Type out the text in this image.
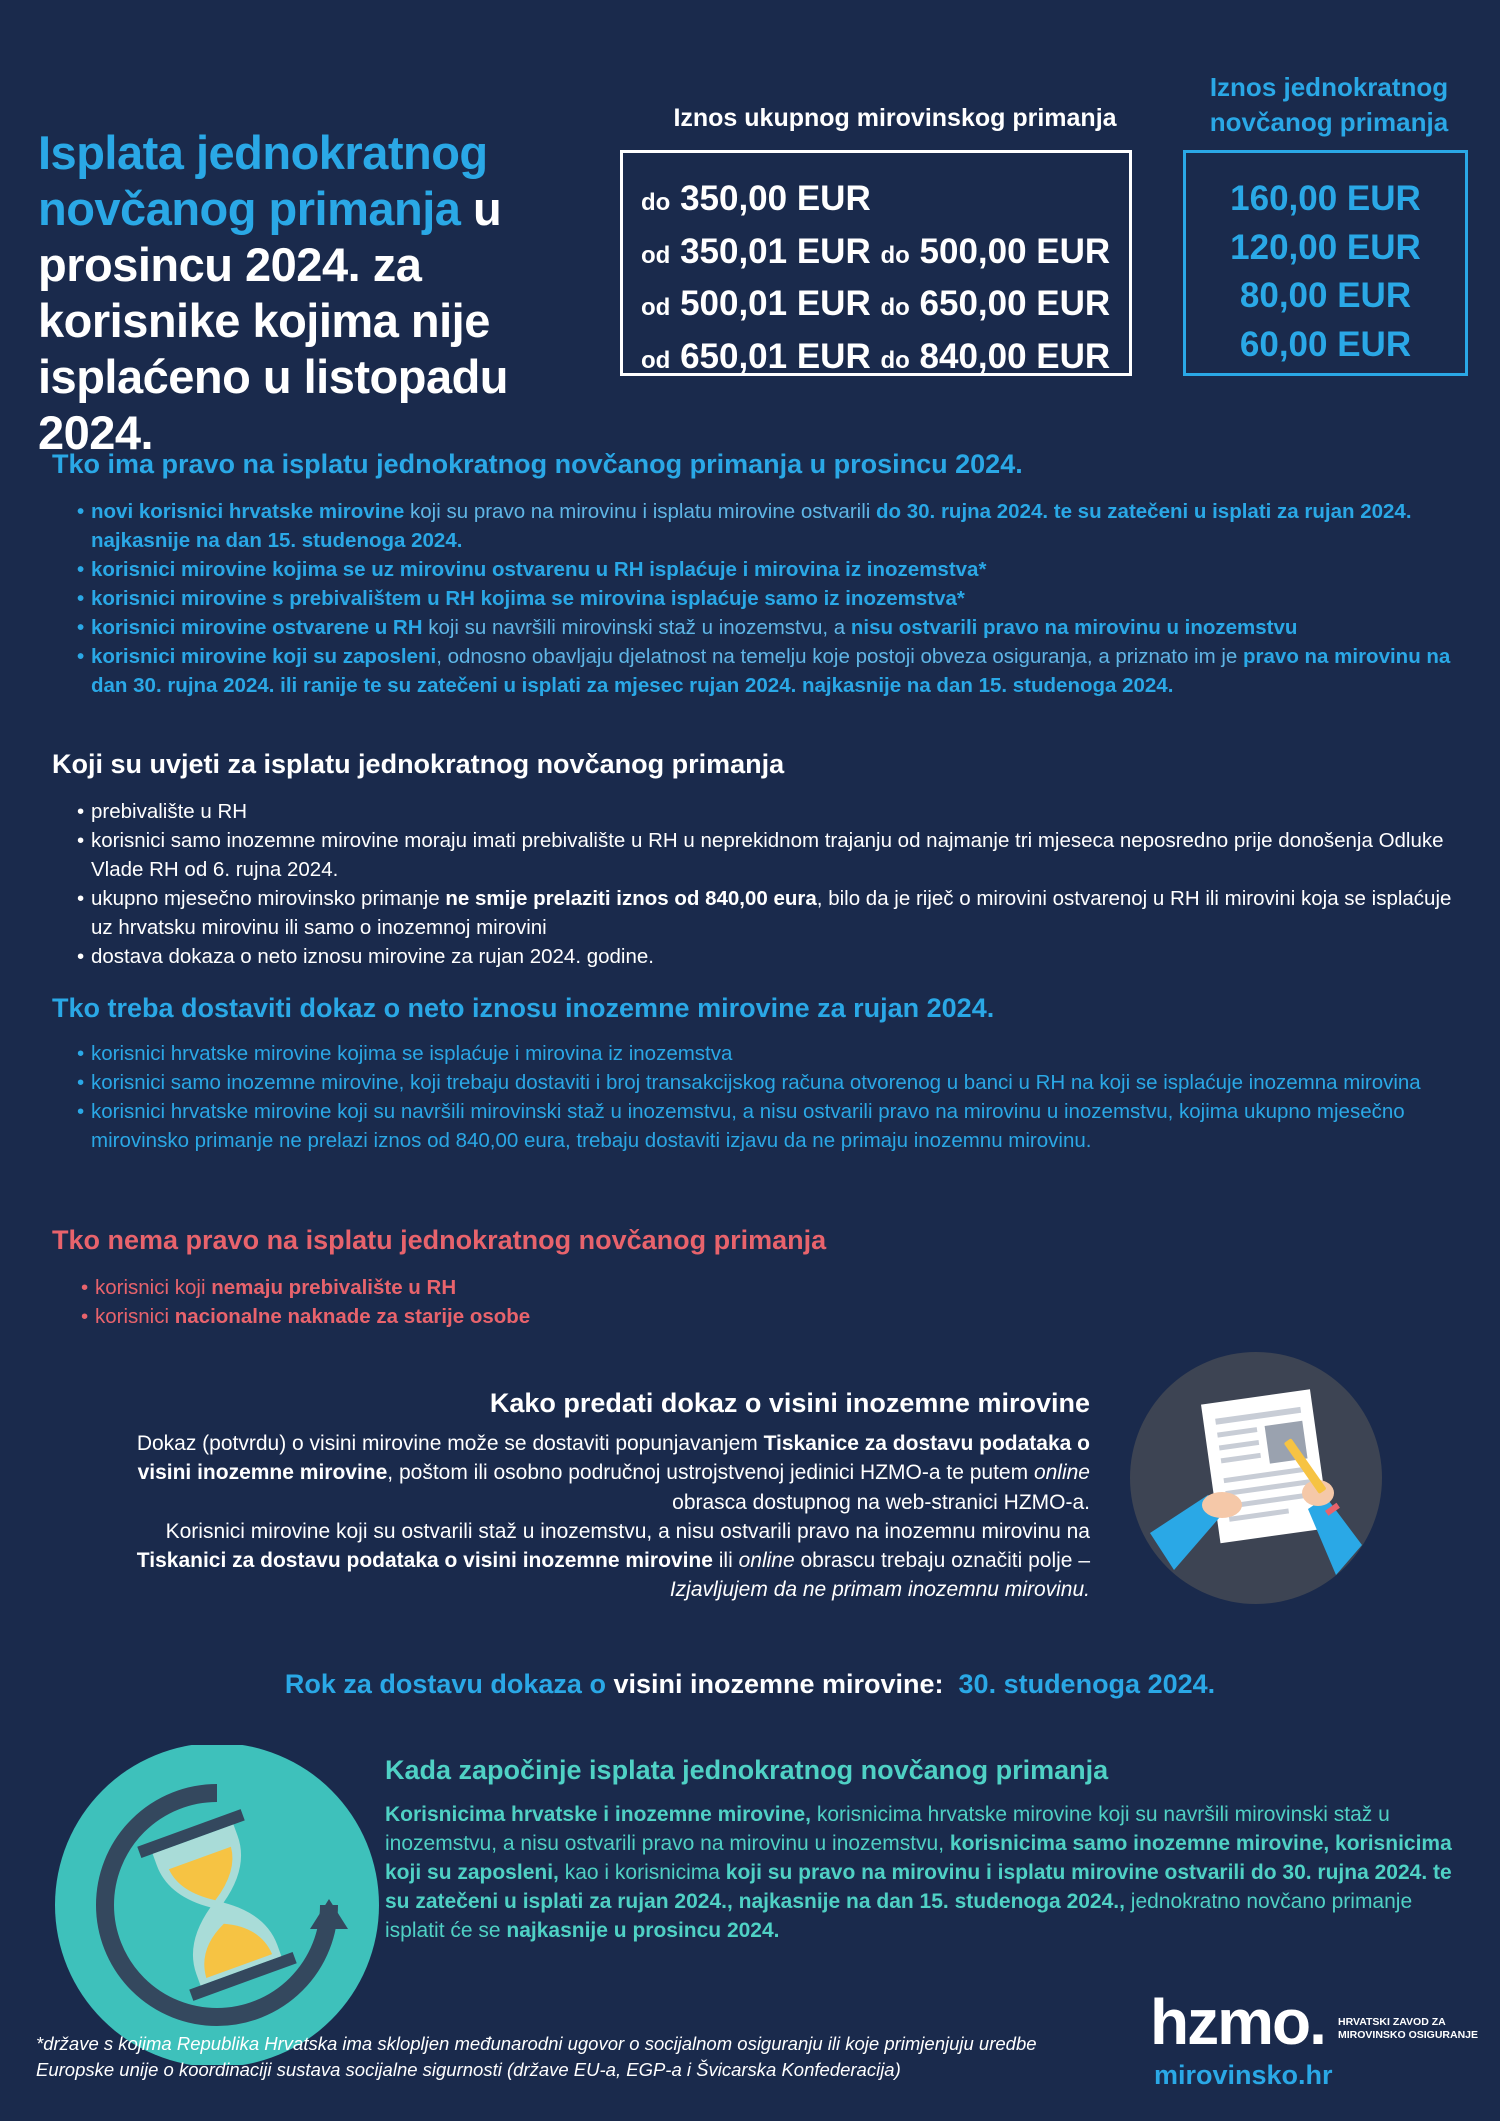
Isplata jednokratnog novčanog primanja u prosincu 2024. za korisnike kojima nije isplaćeno u listopadu 2024.
Iznos ukupnog mirovinskog primanja
Iznos jednokratnog novčanog primanja
do 350,00 EUR
od 350,01 EUR do 500,00 EUR
od 500,01 EUR do 650,00 EUR
od 650,01 EUR do 840,00 EUR
160,00 EUR
120,00 EUR
80,00 EUR
60,00 EUR
Tko ima pravo na isplatu jednokratnog novčanog primanja u prosincu 2024.
• novi korisnici hrvatske mirovine koji su pravo na mirovinu i isplatu mirovine ostvarili do 30. rujna 2024. te su zatečeni u isplati za rujan 2024. najkasnije na dan 15. studenoga 2024.
• korisnici mirovine kojima se uz mirovinu ostvarenu u RH isplaćuje i mirovina iz inozemstva*
• korisnici mirovine s prebivalištem u RH kojima se mirovina isplaćuje samo iz inozemstva*
• korisnici mirovine ostvarene u RH koji su navršili mirovinski staž u inozemstvu, a nisu ostvarili pravo na mirovinu u inozemstvu
• korisnici mirovine koji su zaposleni, odnosno obavljaju djelatnost na temelju koje postoji obveza osiguranja, a priznato im je pravo na mirovinu na dan 30. rujna 2024. ili ranije te su zatečeni u isplati za mjesec rujan 2024. najkasnije na dan 15. studenoga 2024.
Koji su uvjeti za isplatu jednokratnog novčanog primanja
• prebivalište u RH
• korisnici samo inozemne mirovine moraju imati prebivalište u RH u neprekidnom trajanju od najmanje tri mjeseca neposredno prije donošenja Odluke Vlade RH od 6. rujna 2024.
• ukupno mjesečno mirovinsko primanje ne smije prelaziti iznos od 840,00 eura, bilo da je riječ o mirovini ostvarenoj u RH ili mirovini koja se isplaćuje uz hrvatsku mirovinu ili samo o inozemnoj mirovini
• dostava dokaza o neto iznosu mirovine za rujan 2024. godine.
Tko treba dostaviti dokaz o neto iznosu inozemne mirovine za rujan 2024.
• korisnici hrvatske mirovine kojima se isplaćuje i mirovina iz inozemstva
• korisnici samo inozemne mirovine, koji trebaju dostaviti i broj transakcijskog računa otvorenog u banci u RH na koji se isplaćuje inozemna mirovina
• korisnici hrvatske mirovine koji su navršili mirovinski staž u inozemstvu, a nisu ostvarili pravo na mirovinu u inozemstvu, kojima ukupno mjesečno mirovinsko primanje ne prelazi iznos od 840,00 eura, trebaju dostaviti izjavu da ne primaju inozemnu mirovinu.
Tko nema pravo na isplatu jednokratnog novčanog primanja
• korisnici koji nemaju prebivalište u RH
• korisnici nacionalne naknade za starije osobe
Kako predati dokaz o visini inozemne mirovine
Dokaz (potvrdu) o visini mirovine može se dostaviti popunjavanjem Tiskanice za dostavu podataka o visini inozemne mirovine, poštom ili osobno područnoj ustrojstvenoj jedinici HZMO-a te putem online obrasca dostupnog na web-stranici HZMO-a.
Korisnici mirovine koji su ostvarili staž u inozemstvu, a nisu ostvarili pravo na inozemnu mirovinu na Tiskanici za dostavu podataka o visini inozemne mirovine ili online obrascu trebaju označiti polje – Izjavljujem da ne primam inozemnu mirovinu.
Rok za dostavu dokaza o visini inozemne mirovine: 30. studenoga 2024.
Kada započinje isplata jednokratnog novčanog primanja
Korisnicima hrvatske i inozemne mirovine, korisnicima hrvatske mirovine koji su navršili mirovinski staž u inozemstvu, a nisu ostvarili pravo na mirovinu u inozemstvu, korisnicima samo inozemne mirovine, korisnicima koji su zaposleni, kao i korisnicima koji su pravo na mirovinu i isplatu mirovine ostvarili do 30. rujna 2024. te su zatečeni u isplati za rujan 2024., najkasnije na dan 15. studenoga 2024., jednokratno novčano primanje isplatit će se najkasnije u prosincu 2024.
*države s kojima Republika Hrvatska ima sklopljen međunarodni ugovor o socijalnom osiguranju ili koje primjenjuju uredbe Europske unije o koordinaciji sustava socijalne sigurnosti (države EU-a, EGP-a i Švicarska Konfederacija)
hzmo. HRVATSKI ZAVOD ZA
MIROVINSKO OSIGURANJE
mirovinsko.hr
